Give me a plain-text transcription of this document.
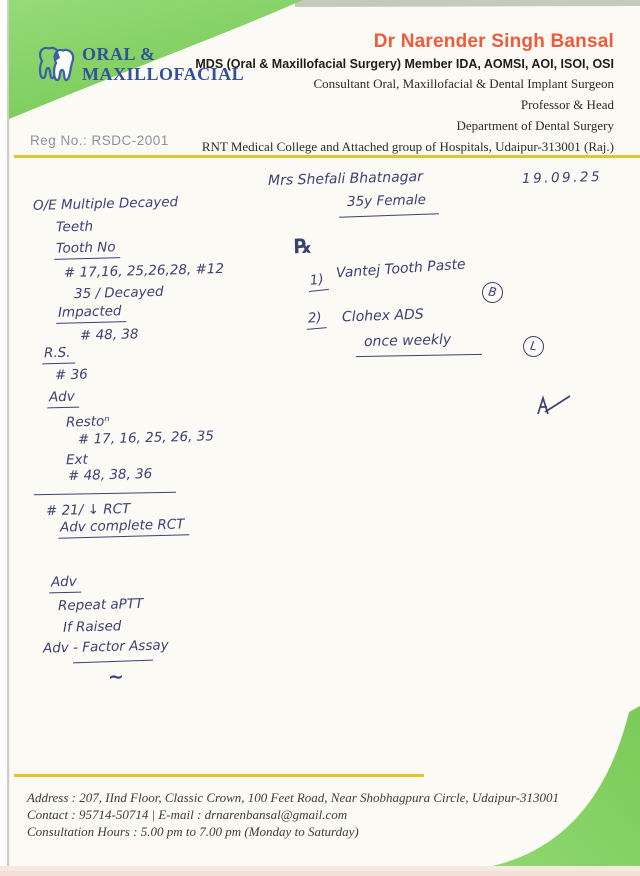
ORAL &
MAXILLOFACIAL
Dr Narender Singh Bansal
MDS (Oral & Maxillofacial Surgery) Member IDA, AOMSI, AOI, ISOI, OSI
Consultant Oral, Maxillofacial & Dental Implant Surgeon
Professor & Head
Department of Dental Surgery
RNT Medical College and Attached group of Hospitals, Udaipur-313001 (Raj.)
Reg No.: RSDC-2001
Mrs Shefali Bhatnagar
35y Female
19.09.25
℞
1) Vantej Tooth Paste
B
2)	Clohex ADS
once weekly	L
O/E Multiple Decayed
Teeth
Tooth No
# 17,16, 25,26,28, #12
35 / Decayed
Impacted
# 48, 38
R.S.
# 36
Adv
Restoⁿ
# 17, 16, 25, 26, 35
Ext
# 48, 38, 36
# 21/ ↓ RCT
Adv complete RCT
Adv
Repeat aPTT
If Raised
Adv - Factor Assay
~
Address : 207, IInd Floor, Classic Crown, 100 Feet Road, Near Shobhagpura Circle, Udaipur-313001
Contact : 95714-50714 | E-mail : drnarenbansal@gmail.com
Consultation Hours : 5.00 pm to 7.00 pm (Monday to Saturday)
